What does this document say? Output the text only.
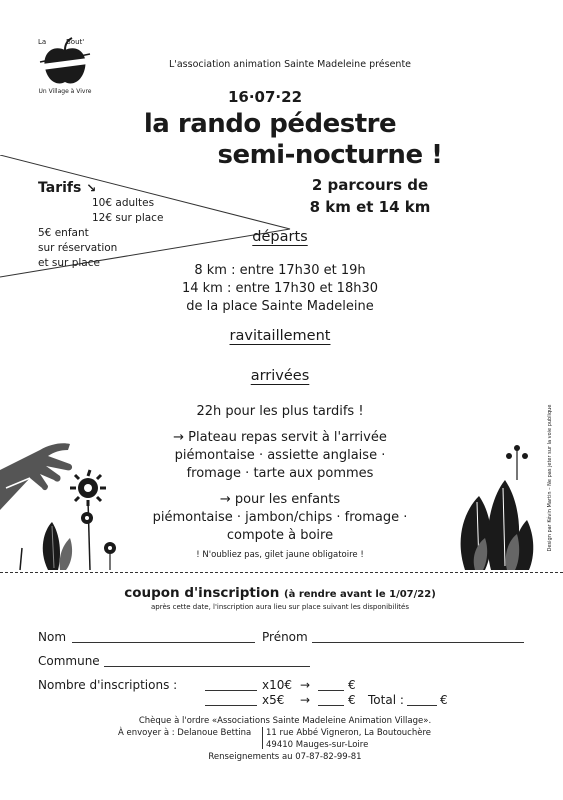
La	Bout'
Un Village à Vivre
L'association animation Sainte Madeleine présente
16·07·22
la rando pédestre
semi-nocturne !
2 parcours de
8 km et 14 km
Tarifs ↘
10€ adultes
12€ sur place
5€ enfant
sur réservation
et sur place
départs
8 km : entre 17h30 et 19h
14 km : entre 17h30 et 18h30
de la place Sainte Madeleine
ravitaillement
arrivées
22h pour les plus tardifs !
→ Plateau repas servit à l'arrivée
piémontaise · assiette anglaise ·
fromage · tarte aux pommes
→ pour les enfants
piémontaise · jambon/chips · fromage ·
compote à boire
! N'oubliez pas, gilet jaune obligatoire !
Design par Kévin Martin – Ne pas jeter sur la voie publique
coupon d'inscription (à rendre avant le 1/07/22)
après cette date, l'inscription aura lieu sur place suivant les disponibilités
Nom	Prénom
Commune
Nombre d'inscriptions :	x10€ →	€
x5€ →	€ Total :	€
Chèque à l'ordre «Associations Sainte Madeleine Animation Village».
À envoyer à : Delanoue Bettina 11 rue Abbé Vigneron, La Boutouchère
49410 Mauges-sur-Loire
Renseignements au 07-87-82-99-81
